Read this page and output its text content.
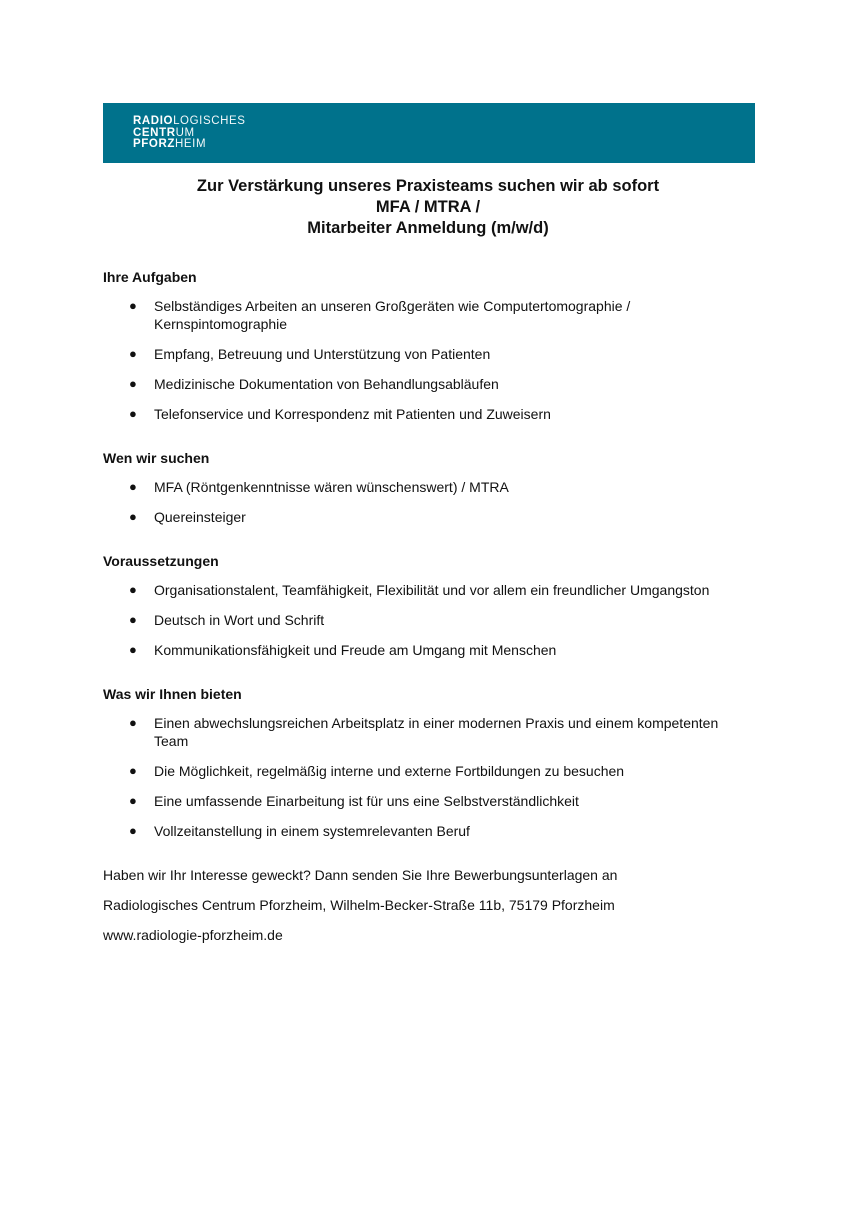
RADIOLOGISCHES
CENTRUM
PFORZHEIM
Zur Verstärkung unseres Praxisteams suchen wir ab sofort
MFA / MTRA /
Mitarbeiter Anmeldung (m/w/d)
Ihre Aufgaben
● Selbständiges Arbeiten an unseren Großgeräten wie Computertomographie / Kernspintomographie
● Empfang, Betreuung und Unterstützung von Patienten
● Medizinische Dokumentation von Behandlungsabläufen
● Telefonservice und Korrespondenz mit Patienten und Zuweisern
Wen wir suchen
● MFA (Röntgenkenntnisse wären wünschenswert) / MTRA
● Quereinsteiger
Voraussetzungen
● Organisationstalent, Teamfähigkeit, Flexibilität und vor allem ein freundlicher Umgangston
● Deutsch in Wort und Schrift
● Kommunikationsfähigkeit und Freude am Umgang mit Menschen
Was wir Ihnen bieten
● Einen abwechslungsreichen Arbeitsplatz in einer modernen Praxis und einem kompetenten Team
● Die Möglichkeit, regelmäßig interne und externe Fortbildungen zu besuchen
● Eine umfassende Einarbeitung ist für uns eine Selbstverständlichkeit
● Vollzeitanstellung in einem systemrelevanten Beruf

Haben wir Ihr Interesse geweckt? Dann senden Sie Ihre Bewerbungsunterlagen an

Radiologisches Centrum Pforzheim, Wilhelm-Becker-Straße 11b, 75179 Pforzheim

www.radiologie-pforzheim.de
